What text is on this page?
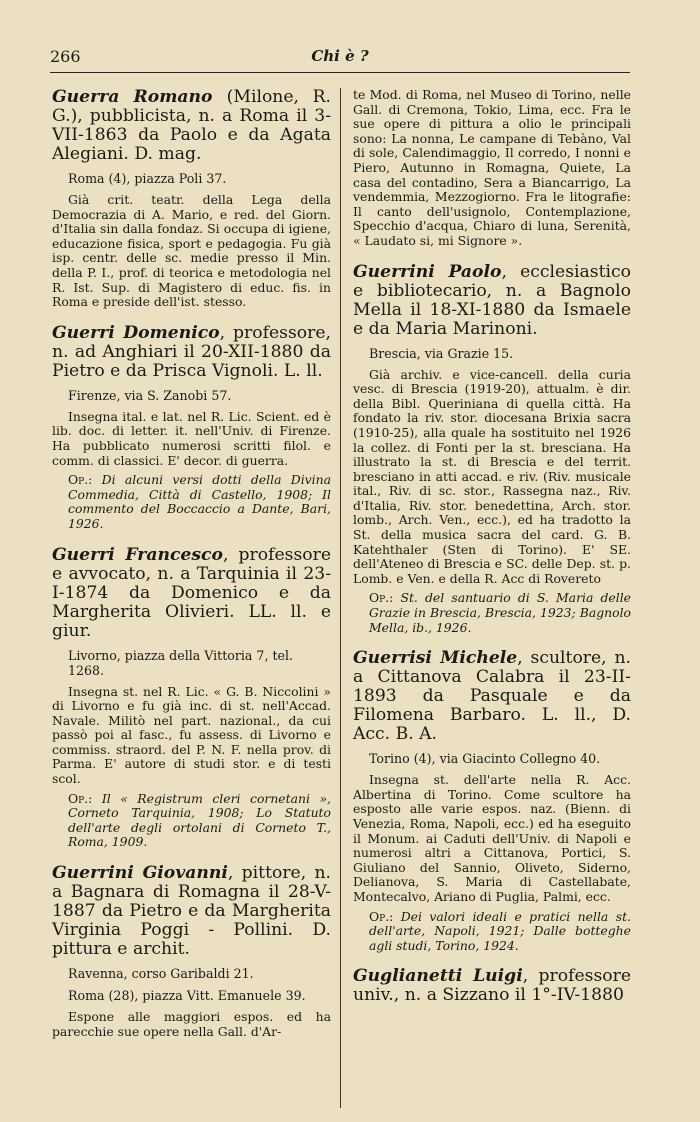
266	Chi è ?

Guerra Romano (Milone, R. G.), pubblicista, n. a Roma il 3-VII-1863 da Paolo e da Agata Alegiani. D. mag.

Roma (4), piazza Poli 37.

Già crit. teatr. della Lega della Democrazia di A. Mario, e red. del Giorn. d'Italia sin dalla fondaz. Si occupa di igiene, educazione fisica, sport e pedagogia. Fu già isp. centr. delle sc. medie presso il Min. della P. I., prof. di teorica e metodologia nel R. Ist. Sup. di Magistero di educ. fis. in Roma e preside dell'ist. stesso.

Guerri Domenico, professore, n. ad Anghiari il 20-XII-1880 da Pietro e da Prisca Vignoli. L. ll.

Firenze, via S. Zanobi 57.

Insegna ital. e lat. nel R. Lic. Scient. ed è lib. doc. di letter. it. nell'Univ. di Firenze. Ha pubblicato numerosi scritti filol. e comm. di classici. E' decor. di guerra.

Op.: Di alcuni versi dotti della Divina Commedia, Città di Castello, 1908; Il commento del Boccaccio a Dante, Bari, 1926.

Guerri Francesco, professore e avvocato, n. a Tarquinia il 23-I-1874 da Domenico e da Margherita Olivieri. LL. ll. e giur.

Livorno, piazza della Vittoria 7, tel. 1268.

Insegna st. nel R. Lic. « G. B. Niccolini » di Livorno e fu già inc. di st. nell'Accad. Navale. Militò nel part. nazional., da cui passò poi al fasc., fu assess. di Livorno e commiss. straord. del P. N. F. nella prov. di Parma. E' autore di studi stor. e di testi scol.

Op.: Il « Registrum cleri cornetani », Corneto Tarquinia, 1908; Lo Statuto dell'arte degli ortolani di Corneto T., Roma, 1909.

Guerrini Giovanni, pittore, n. a Bagnara di Romagna il 28-V-1887 da Pietro e da Margherita Virginia Poggi - Pollini. D. pittura e archit.

Ravenna, corso Garibaldi 21.

Roma (28), piazza Vitt. Emanuele 39.

Espone alle maggiori espos. ed ha parecchie sue opere nella Gall. d'Ar-

te Mod. di Roma, nel Museo di Torino, nelle Gall. di Cremona, Tokio, Lima, ecc. Fra le sue opere di pittura a olio le principali sono: La nonna, Le campane di Tebàno, Val di sole, Calendimaggio, Il corredo, I nonni e Piero, Autunno in Romagna, Quiete, La casa del contadino, Sera a Biancarrigo, La vendemmia, Mezzogiorno. Fra le litografie: Il canto dell'usignolo, Contemplazione, Specchio d'acqua, Chiaro di luna, Serenità, « Laudato si, mi Signore ».

Guerrini Paolo, ecclesiastico e bibliotecario, n. a Bagnolo Mella il 18-XI-1880 da Ismaele e da Maria Marinoni.

Brescia, via Grazie 15.

Già archiv. e vice-cancell. della curia vesc. di Brescia (1919-20), attualm. è dir. della Bibl. Queriniana di quella città. Ha fondato la riv. stor. diocesana Brixia sacra (1910-25), alla quale ha sostituito nel 1926 la collez. di Fonti per la st. bresciana. Ha illustrato la st. di Brescia e del territ. bresciano in atti accad. e riv. (Riv. musicale ital., Riv. di sc. stor., Rassegna naz., Riv. d'Italia, Riv. stor. benedettina, Arch. stor. lomb., Arch. Ven., ecc.), ed ha tradotto la St. della musica sacra del card. G. B. Katehthaler (Sten di Torino). E' SE. dell'Ateneo di Brescia e SC. delle Dep. st. p. Lomb. e Ven. e della R. Acc di Rovereto

Op.: St. del santuario di S. Maria delle Grazie in Brescia, Brescia, 1923; Bagnolo Mella, ib., 1926.

Guerrisi Michele, scultore, n. a Cittanova Calabra il 23-II-1893 da Pasquale e da Filomena Barbaro. L. ll., D. Acc. B. A.

Torino (4), via Giacinto Collegno 40.

Insegna st. dell'arte nella R. Acc. Albertina di Torino. Come scultore ha esposto alle varie espos. naz. (Bienn. di Venezia, Roma, Napoli, ecc.) ed ha eseguito il Monum. ai Caduti dell'Univ. di Napoli e numerosi altri a Cittanova, Portici, S. Giuliano del Sannio, Oliveto, Siderno, Delianova, S. Maria di Castellabate, Montecalvo, Ariano di Puglia, Palmi, ecc.

Op.: Dei valori ideali e pratici nella st. dell'arte, Napoli, 1921; Dalle botteghe agli studi, Torino, 1924.

Guglianetti Luigi, professore univ., n. a Sizzano il 1°-IV-1880
